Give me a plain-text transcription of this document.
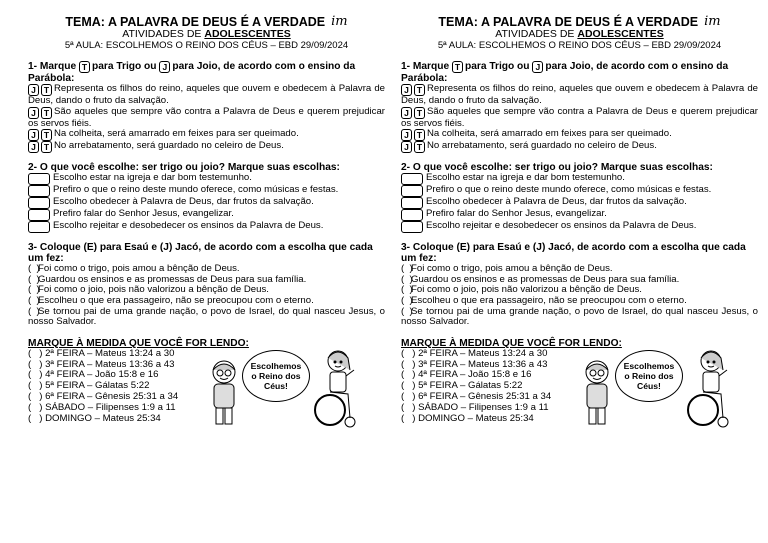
TEMA: A PALAVRA DE DEUS É A VERDADE im
ATIVIDADES DE ADOLESCENTES
5ª AULA: ESCOLHEMOS O REINO DOS CÉUS – EBD 29/09/2024
1- Marque T para Trigo ou J para Joio, de acordo com o ensino da Parábola:
J T Representa os filhos do reino, aqueles que ouvem e obedecem à Palavra de Deus, dando o fruto da salvação.
J T São aqueles que sempre vão contra a Palavra de Deus e querem prejudicar os servos fiéis.
J T Na colheita, será amarrado em feixes para ser queimado.
J T No arrebatamento, será guardado no celeiro de Deus.
2- O que você escolhe: ser trigo ou joio? Marque suas escolhas:
Escolho estar na igreja e dar bom testemunho.
Prefiro o que o reino deste mundo oferece, como músicas e festas.
Escolho obedecer à Palavra de Deus, dar frutos da salvação.
Prefiro falar do Senhor Jesus, evangelizar.
Escolho rejeitar e desobedecer os ensinos da Palavra de Deus.
3- Coloque (E) para Esaú e (J) Jacó, de acordo com a escolha que cada um fez:
(  )Foi como o trigo, pois amou a bênção de Deus.
(  )Guardou os ensinos e as promessas de Deus para sua família.
(  )Foi como o joio, pois não valorizou a bênção de Deus.
(  )Escolheu o que era passageiro, não se preocupou com o eterno.
(  )Se tornou pai de uma grande nação, o povo de Israel, do qual nasceu Jesus, o nosso Salvador.
MARQUE À MEDIDA QUE VOCÊ FOR LENDO:
(   ) 2ª FEIRA – Mateus 13:24 a 30
(   ) 3ª FEIRA – Mateus 13:36 a 43
(   ) 4ª FEIRA – João 15:8 e 16
(   ) 5ª FEIRA – Gálatas 5:22
(   ) 6ª FEIRA – Gênesis 25:31 a 34
(   ) SÁBADO – Filipenses 1:9 a 11
(   ) DOMINGO – Mateus 25:34
Escolhemos
o Reino dos
Céus!
TEMA: A PALAVRA DE DEUS É A VERDADE im
ATIVIDADES DE ADOLESCENTES
5ª AULA: ESCOLHEMOS O REINO DOS CÉUS – EBD 29/09/2024
1- Marque T para Trigo ou J para Joio, de acordo com o ensino da Parábola:
J T Representa os filhos do reino, aqueles que ouvem e obedecem à Palavra de Deus, dando o fruto da salvação.
J T São aqueles que sempre vão contra a Palavra de Deus e querem prejudicar os servos fiéis.
J T Na colheita, será amarrado em feixes para ser queimado.
J T No arrebatamento, será guardado no celeiro de Deus.
2- O que você escolhe: ser trigo ou joio? Marque suas escolhas:
Escolho estar na igreja e dar bom testemunho.
Prefiro o que o reino deste mundo oferece, como músicas e festas.
Escolho obedecer à Palavra de Deus, dar frutos da salvação.
Prefiro falar do Senhor Jesus, evangelizar.
Escolho rejeitar e desobedecer os ensinos da Palavra de Deus.
3- Coloque (E) para Esaú e (J) Jacó, de acordo com a escolha que cada um fez:
(  )Foi como o trigo, pois amou a bênção de Deus.
(  )Guardou os ensinos e as promessas de Deus para sua família.
(  )Foi como o joio, pois não valorizou a bênção de Deus.
(  )Escolheu o que era passageiro, não se preocupou com o eterno.
(  )Se tornou pai de uma grande nação, o povo de Israel, do qual nasceu Jesus, o nosso Salvador.
MARQUE À MEDIDA QUE VOCÊ FOR LENDO:
(   ) 2ª FEIRA – Mateus 13:24 a 30
(   ) 3ª FEIRA – Mateus 13:36 a 43
(   ) 4ª FEIRA – João 15:8 e 16
(   ) 5ª FEIRA – Gálatas 5:22
(   ) 6ª FEIRA – Gênesis 25:31 a 34
(   ) SÁBADO – Filipenses 1:9 a 11
(   ) DOMINGO – Mateus 25:34
Escolhemos
o Reino dos
Céus!
